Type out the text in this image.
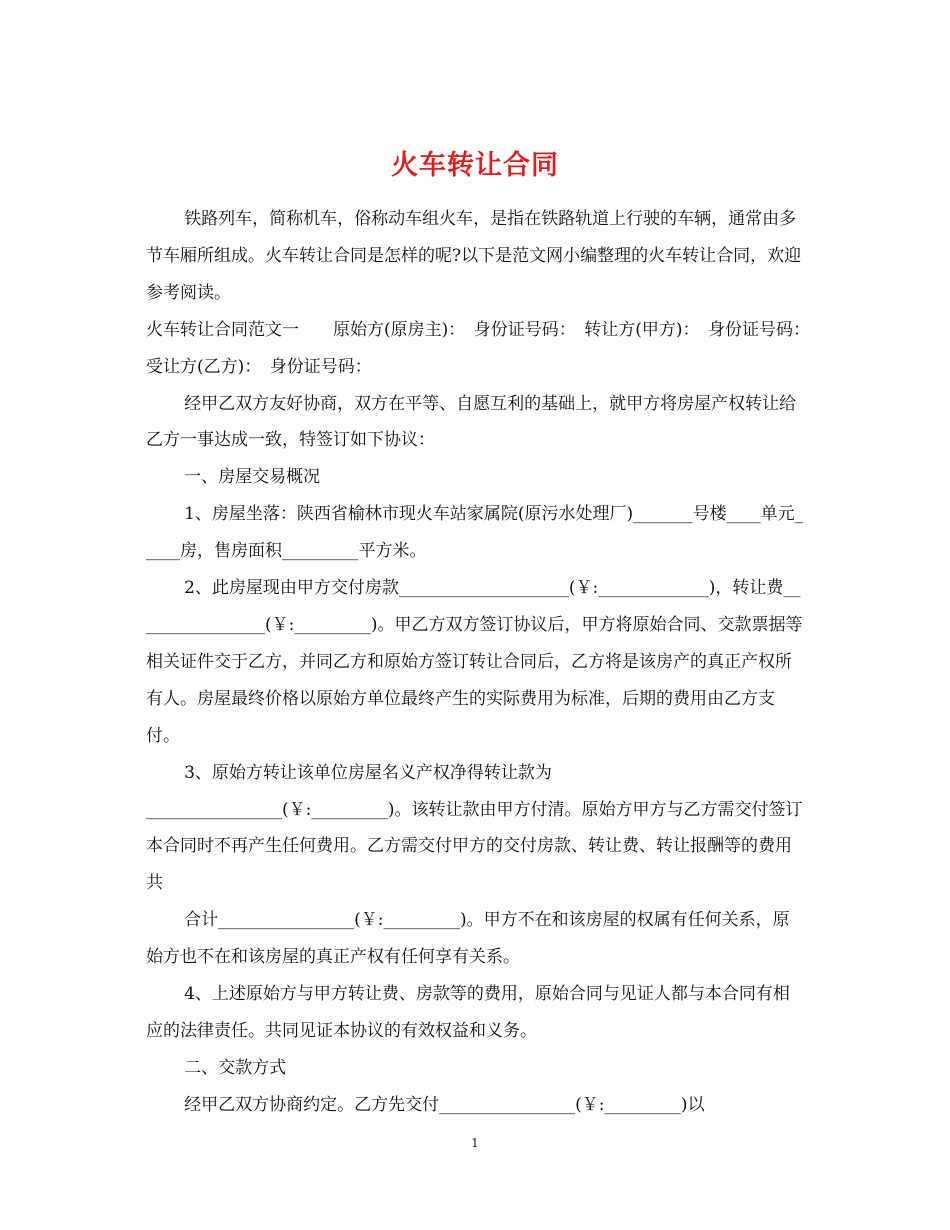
火车转让合同

铁路列车，简称机车，俗称动车组火车，是指在铁路轨道上行驶的车辆，通常由多节车厢所组成。火车转让合同是怎样的呢?以下是范文网小编整理的火车转让合同，欢迎参考阅读。

火车转让合同范文一　　原始方(原房主)：　身份证号码：　转让方(甲方)：　身份证号码：　受让方(乙方)：　身份证号码：

经甲乙双方友好协商，双方在平等、自愿互利的基础上，就甲方将房屋产权转让给乙方一事达成一致，特签订如下协议：

一、房屋交易概况

1、房屋坐落：陕西省榆林市现火车站家属院(原污水处理厂)_______号楼____单元_____房，售房面积_________平方米。

2、此房屋现由甲方交付房款____________________(￥:_____________)，转让费________________(￥:_________)。甲乙方双方签订协议后，甲方将原始合同、交款票据等相关证件交于乙方，并同乙方和原始方签订转让合同后，乙方将是该房产的真正产权所有人。房屋最终价格以原始方单位最终产生的实际费用为标准，后期的费用由乙方支付。

3、原始方转让该单位房屋名义产权净得转让款为

________________(￥:_________)。该转让款由甲方付清。原始方甲方与乙方需交付签订本合同时不再产生任何费用。乙方需交付甲方的交付房款、转让费、转让报酬等的费用共

合计________________(￥:_________)。甲方不在和该房屋的权属有任何关系，原始方也不在和该房屋的真正产权有任何享有关系。

4、上述原始方与甲方转让费、房款等的费用，原始合同与见证人都与本合同有相应的法律责任。共同见证本协议的有效权益和义务。

二、交款方式

经甲乙双方协商约定。乙方先交付________________(￥:_________)以

1
